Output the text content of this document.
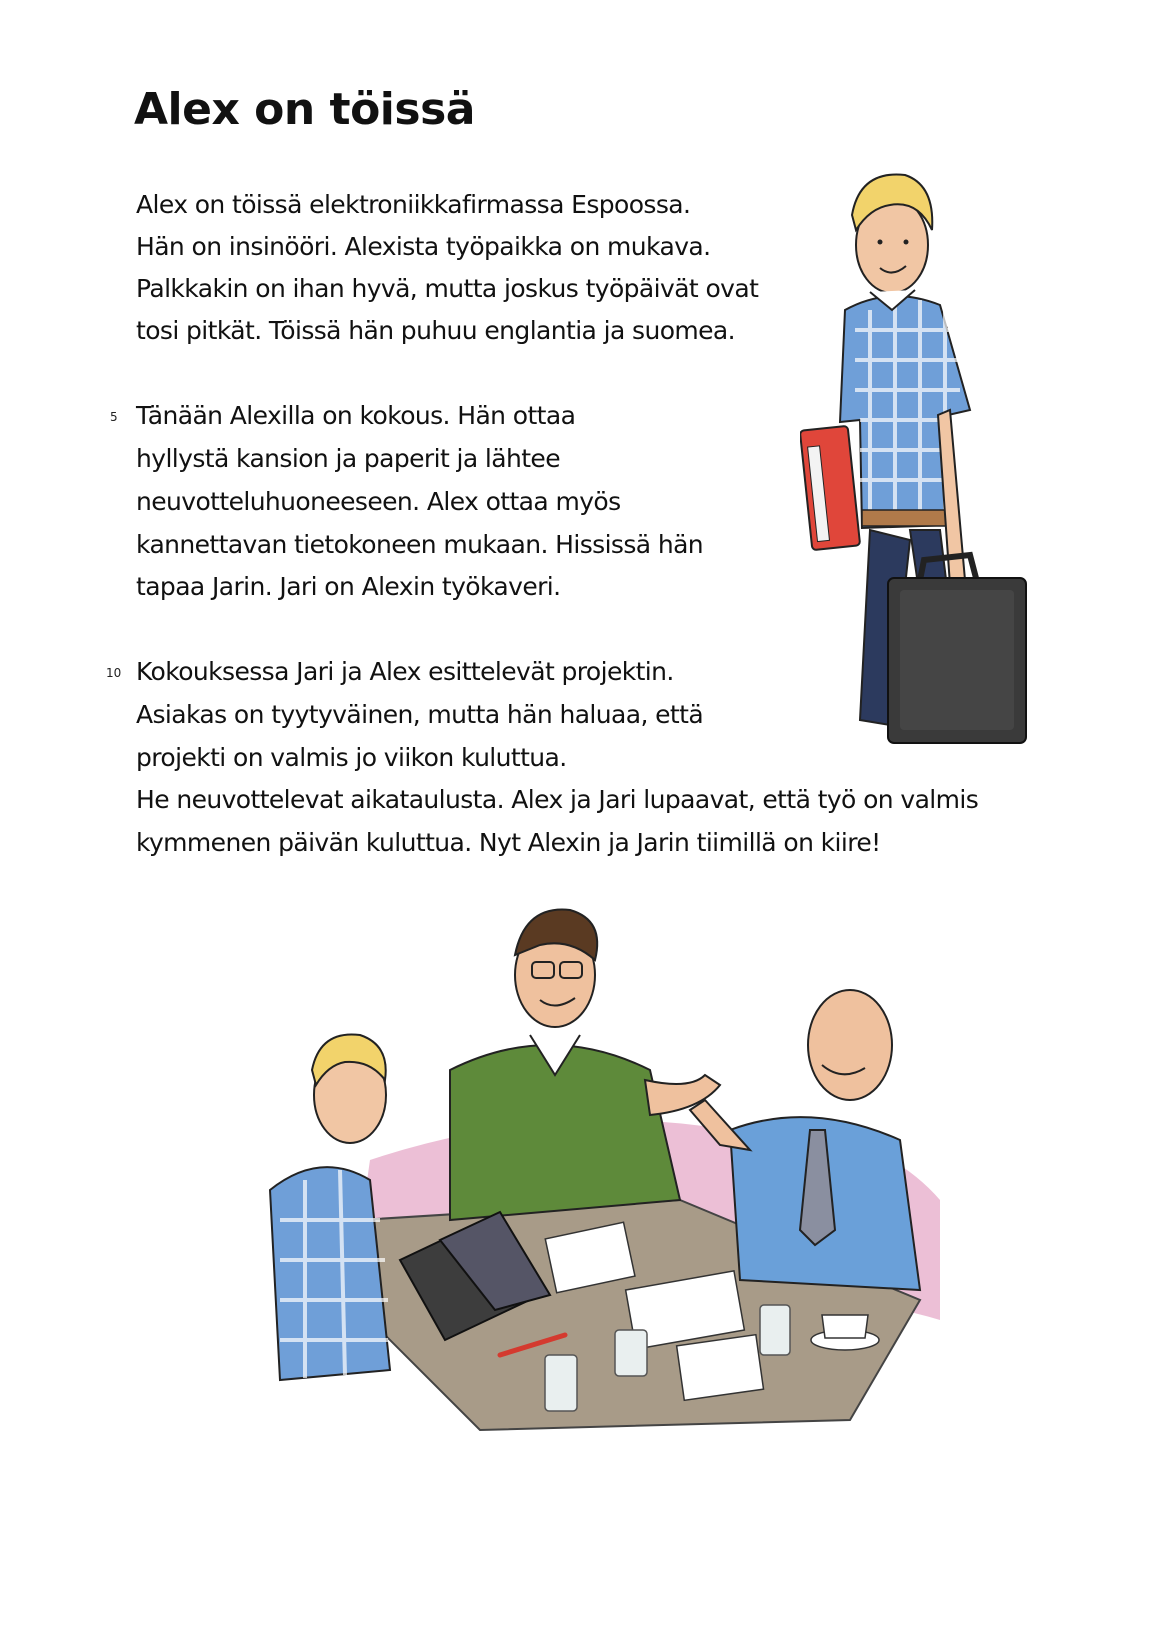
Alex on töissä

Alex on töissä elektroniikkafirmassa Espoossa.

Hän on insinööri. Alexista työpaikka on mukava.

Palkkakin on ihan hyvä, mutta joskus työpäivät ovat

tosi pitkät. Töissä hän puhuu englantia ja suomea.

5 Tänään Alexilla on kokous. Hän ottaa

hyllystä kansion ja paperit ja lähtee

neuvotteluhuoneeseen. Alex ottaa myös

kannettavan tietokoneen mukaan. Hississä hän

tapaa Jarin. Jari on Alexin työkaveri.

10 Kokouksessa Jari ja Alex esittelevät projektin.

Asiakas on tyytyväinen, mutta hän haluaa, että

projekti on valmis jo viikon kuluttua.

He neuvottelevat aikataulusta. Alex ja Jari lupaavat, että työ on valmis

kymmenen päivän kuluttua. Nyt Alexin ja Jarin tiimillä on kiire!
